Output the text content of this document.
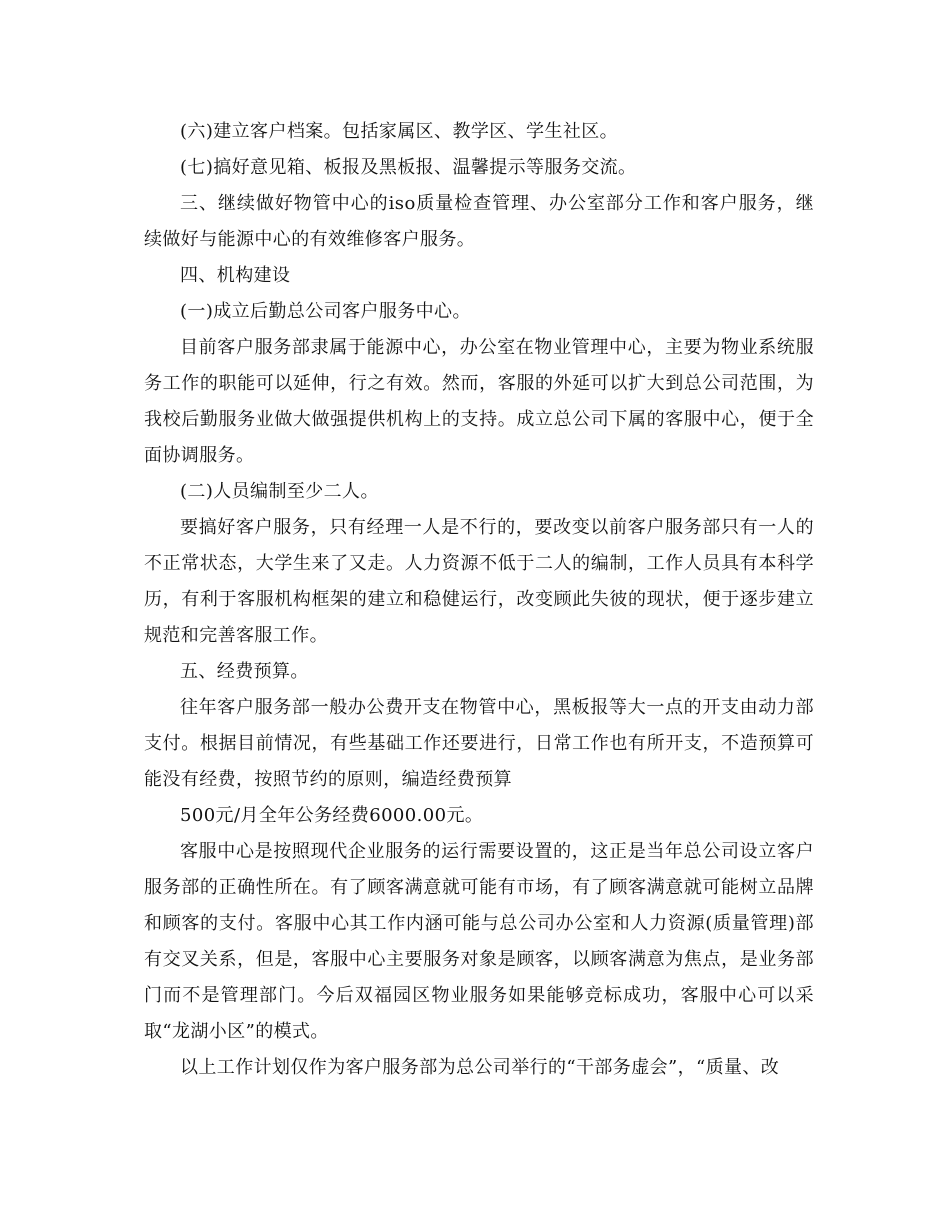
(六)建立客户档案。包括家属区、教学区、学生社区。

(七)搞好意见箱、板报及黑板报、温馨提示等服务交流。

三、继续做好物管中心的iso质量检查管理、办公室部分工作和客户服务，继续做好与能源中心的有效维修客户服务。

四、机构建设

(一)成立后勤总公司客户服务中心。

目前客户服务部隶属于能源中心，办公室在物业管理中心，主要为物业系统服务工作的职能可以延伸，行之有效。然而，客服的外延可以扩大到总公司范围，为我校后勤服务业做大做强提供机构上的支持。成立总公司下属的客服中心，便于全面协调服务。

(二)人员编制至少二人。

要搞好客户服务，只有经理一人是不行的，要改变以前客户服务部只有一人的不正常状态，大学生来了又走。人力资源不低于二人的编制，工作人员具有本科学历，有利于客服机构框架的建立和稳健运行，改变顾此失彼的现状，便于逐步建立规范和完善客服工作。

五、经费预算。

往年客户服务部一般办公费开支在物管中心，黑板报等大一点的开支由动力部支付。根据目前情况，有些基础工作还要进行，日常工作也有所开支，不造预算可能没有经费，按照节约的原则，编造经费预算

500元/月全年公务经费6000.00元。

客服中心是按照现代企业服务的运行需要设置的，这正是当年总公司设立客户服务部的正确性所在。有了顾客满意就可能有市场，有了顾客满意就可能树立品牌和顾客的支付。客服中心其工作内涵可能与总公司办公室和人力资源(质量管理)部有交叉关系，但是，客服中心主要服务对象是顾客，以顾客满意为焦点，是业务部门而不是管理部门。今后双福园区物业服务如果能够竞标成功，客服中心可以采取“龙湖小区”的模式。

以上工作计划仅作为客户服务部为总公司举行的“干部务虚会”，“质量、改
